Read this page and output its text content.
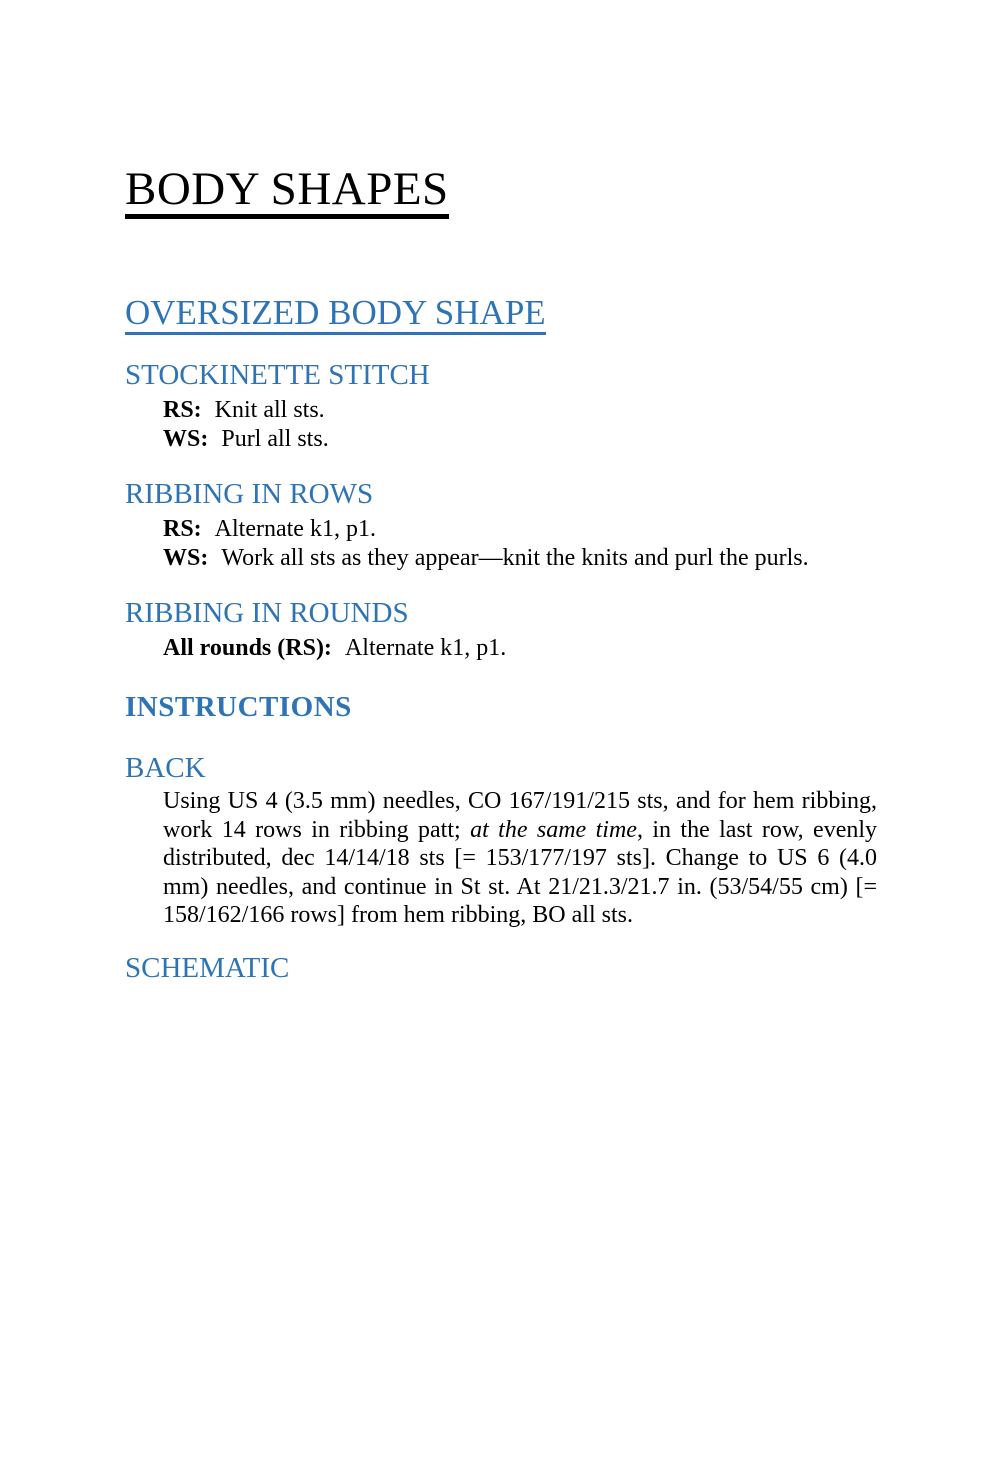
BODY SHAPES
OVERSIZED BODY SHAPE
STOCKINETTE STITCH
RS: Knit all sts.
WS: Purl all sts.
RIBBING IN ROWS
RS: Alternate k1, p1.
WS: Work all sts as they appear—knit the knits and purl the purls.
RIBBING IN ROUNDS
All rounds (RS): Alternate k1, p1.
INSTRUCTIONS
BACK

Using US 4 (3.5 mm) needles, CO 167/191/215 sts, and for hem ribbing, work 14 rows in ribbing patt; at the same time, in the last row, evenly distributed, dec 14/14/18 sts [= 153/177/197 sts]. Change to US 6 (4.0 mm) needles, and continue in St st. At 21/21.3/21.7 in. (53/54/55 cm) [= 158/162/166 rows] from hem ribbing, BO all sts.

SCHEMATIC
